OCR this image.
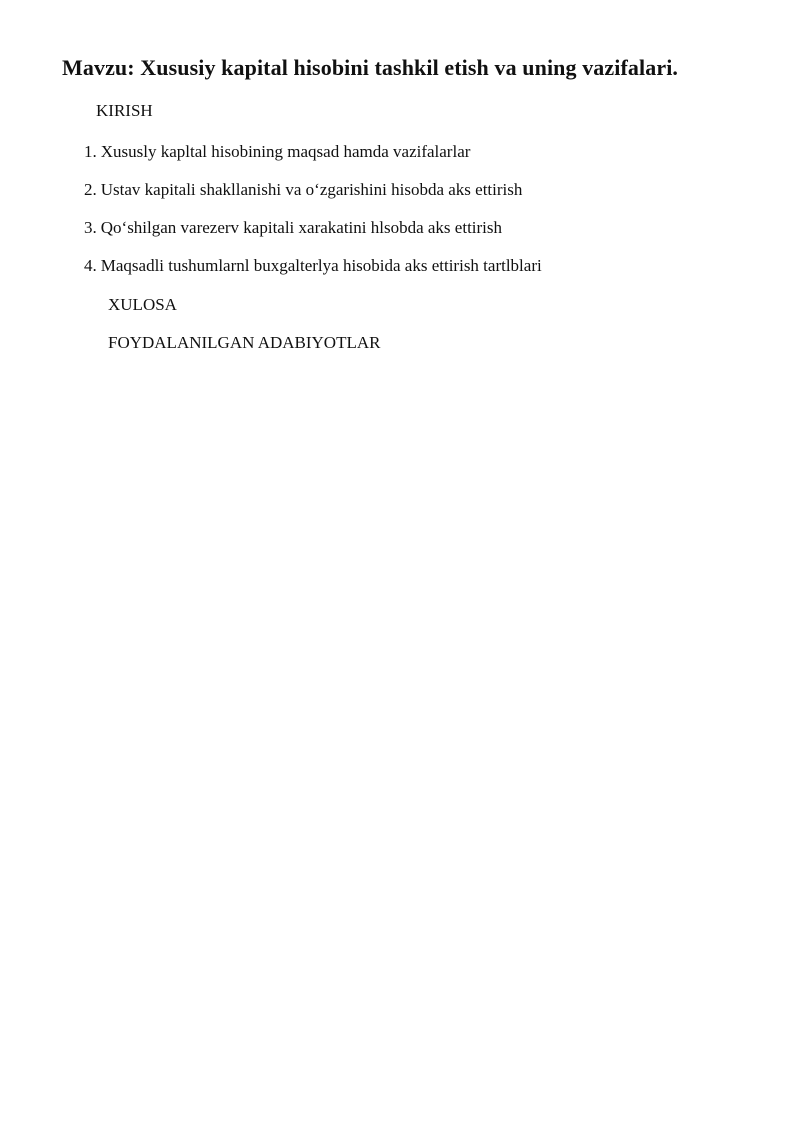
Mavzu: Xususiy kapital hisobini tashkil etish va uning vazifalari.
KIRISH
1. Xususly kapltal hisobining maqsad hamda vazifalarlar
2. Ustav kapitali shakllanishi va o‘zgarishini hisobda aks ettirish
3. Qo‘shilgan varezerv kapitali xarakatini hlsobda aks ettirish
4. Maqsadli tushumlarnl buxgalterlya hisobida aks ettirish tartlblari
XULOSA
FOYDALANILGAN ADABIYOTLAR
